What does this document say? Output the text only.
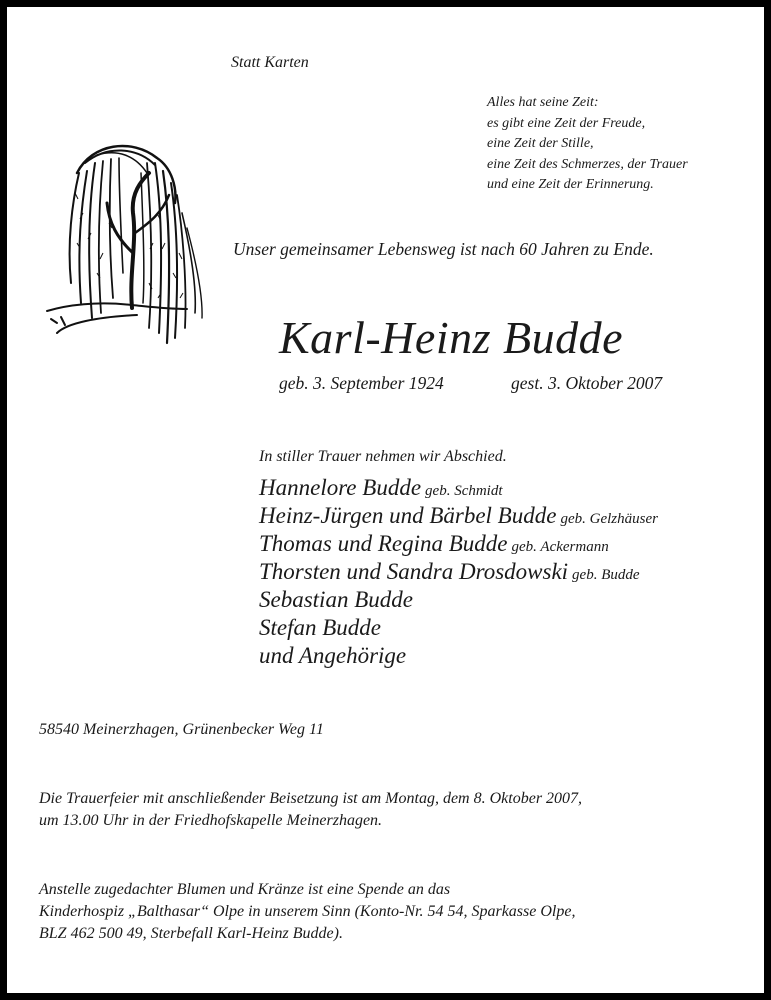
Statt Karten
Alles hat seine Zeit:
es gibt eine Zeit der Freude,
eine Zeit der Stille,
eine Zeit des Schmerzes, der Trauer
und eine Zeit der Erinnerung.
Unser gemeinsamer Lebensweg ist nach 60 Jahren zu Ende.
Karl-Heinz Budde
geb. 3. September 1924	gest. 3. Oktober 2007
In stiller Trauer nehmen wir Abschied.
Hannelore Budde geb. Schmidt
Heinz-Jürgen und Bärbel Budde geb. Gelzhäuser
Thomas und Regina Budde geb. Ackermann
Thorsten und Sandra Drosdowski geb. Budde
Sebastian Budde
Stefan Budde
und Angehörige
58540 Meinerzhagen, Grünenbecker Weg 11
Die Trauerfeier mit anschließender Beisetzung ist am Montag, dem 8. Oktober 2007,
um 13.00 Uhr in der Friedhofskapelle Meinerzhagen.
Anstelle zugedachter Blumen und Kränze ist eine Spende an das
Kinderhospiz „Balthasar“ Olpe in unserem Sinn (Konto-Nr. 54 54, Sparkasse Olpe,
BLZ 462 500 49, Sterbefall Karl-Heinz Budde).
